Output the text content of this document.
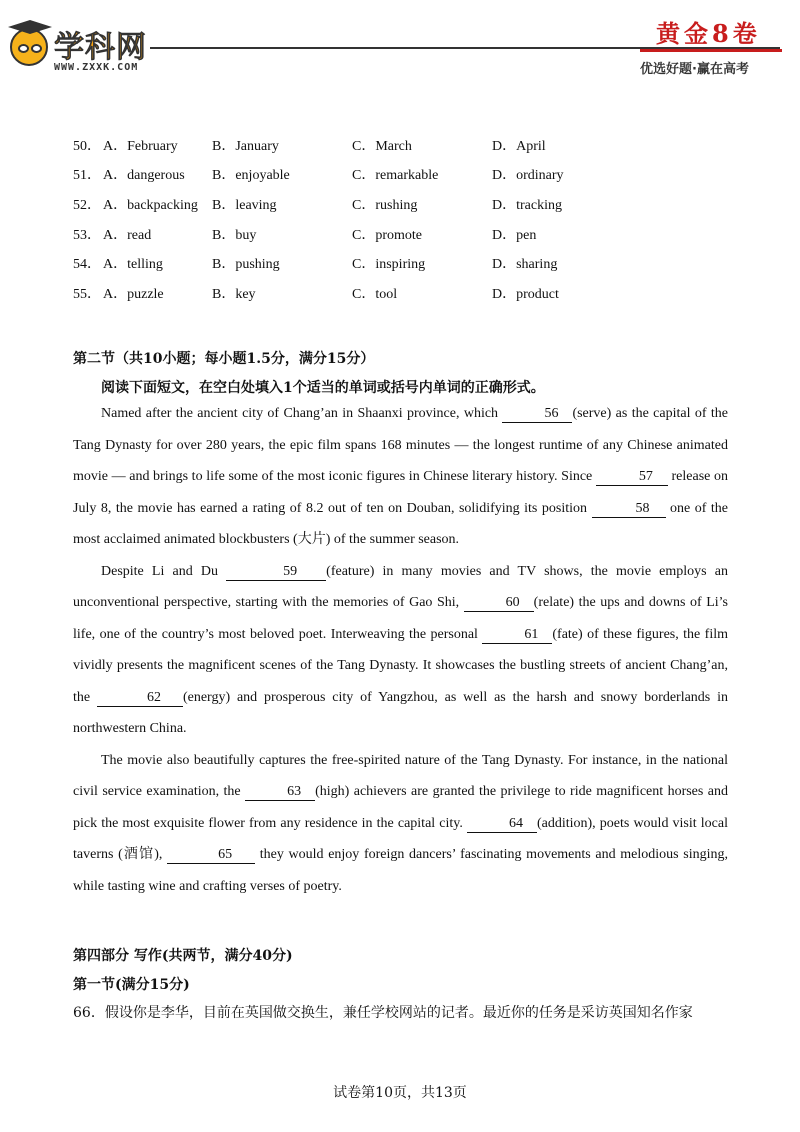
学科网
WWW.ZXXK.COM
黄金8卷
优选好题·赢在高考
50． A．February	B．January	C．March	D．April
51． A．dangerous	B．enjoyable	C．remarkable	D．ordinary
52． A．backpacking	B．leaving	C．rushing	D．tracking
53． A．read	B．buy	C．promote	D．pen
54． A．telling	B．pushing	C．inspiring	D．sharing
55． A．puzzle	B．key	C．tool	D．product
第二节（共10小题；每小题1.5分，满分15分）
阅读下面短文，在空白处填入1个适当的单词或括号内单词的正确形式。

Named after the ancient city of Chang’an in Shaanxi province, which	56 (serve) as the capital of the Tang Dynasty for over 280 years, the epic film spans 168 minutes — the longest runtime of any Chinese animated movie — and brings to life some of the most iconic figures in Chinese literary history. Since	57 release on July 8, the movie has earned a rating of 8.2 out of ten on Douban, solidifying its position	58 one of the most acclaimed animated blockbusters (大片) of the summer season.

Despite Li and Du	59 (feature) in many movies and TV shows, the movie employs an unconventional perspective, starting with the memories of Gao Shi,	60 (relate) the ups and downs of Li’s life, one of the country’s most beloved poet. Interweaving the personal	61 (fate) of these figures, the film vividly presents the magnificent scenes of the Tang Dynasty. It showcases the bustling streets of ancient Chang’an, the	62 (energy) and prosperous city of Yangzhou, as well as the harsh and snowy borderlands in northwestern China.

The movie also beautifully captures the free-spirited nature of the Tang Dynasty. For instance, in the national civil service examination, the	63 (high) achievers are granted the privilege to ride magnificent horses and pick the most exquisite flower from any residence in the capital city.	64 (addition), poets would visit local taverns (酒馆),	65 they would enjoy foreign dancers’ fascinating movements and melodious singing, while tasting wine and crafting verses of poetry.

第四部分 写作(共两节，满分40分)
第一节(满分15分)
66．假设你是李华，目前在英国做交换生，兼任学校网站的记者。最近你的任务是采访英国知名作家
试卷第10页，共13页
